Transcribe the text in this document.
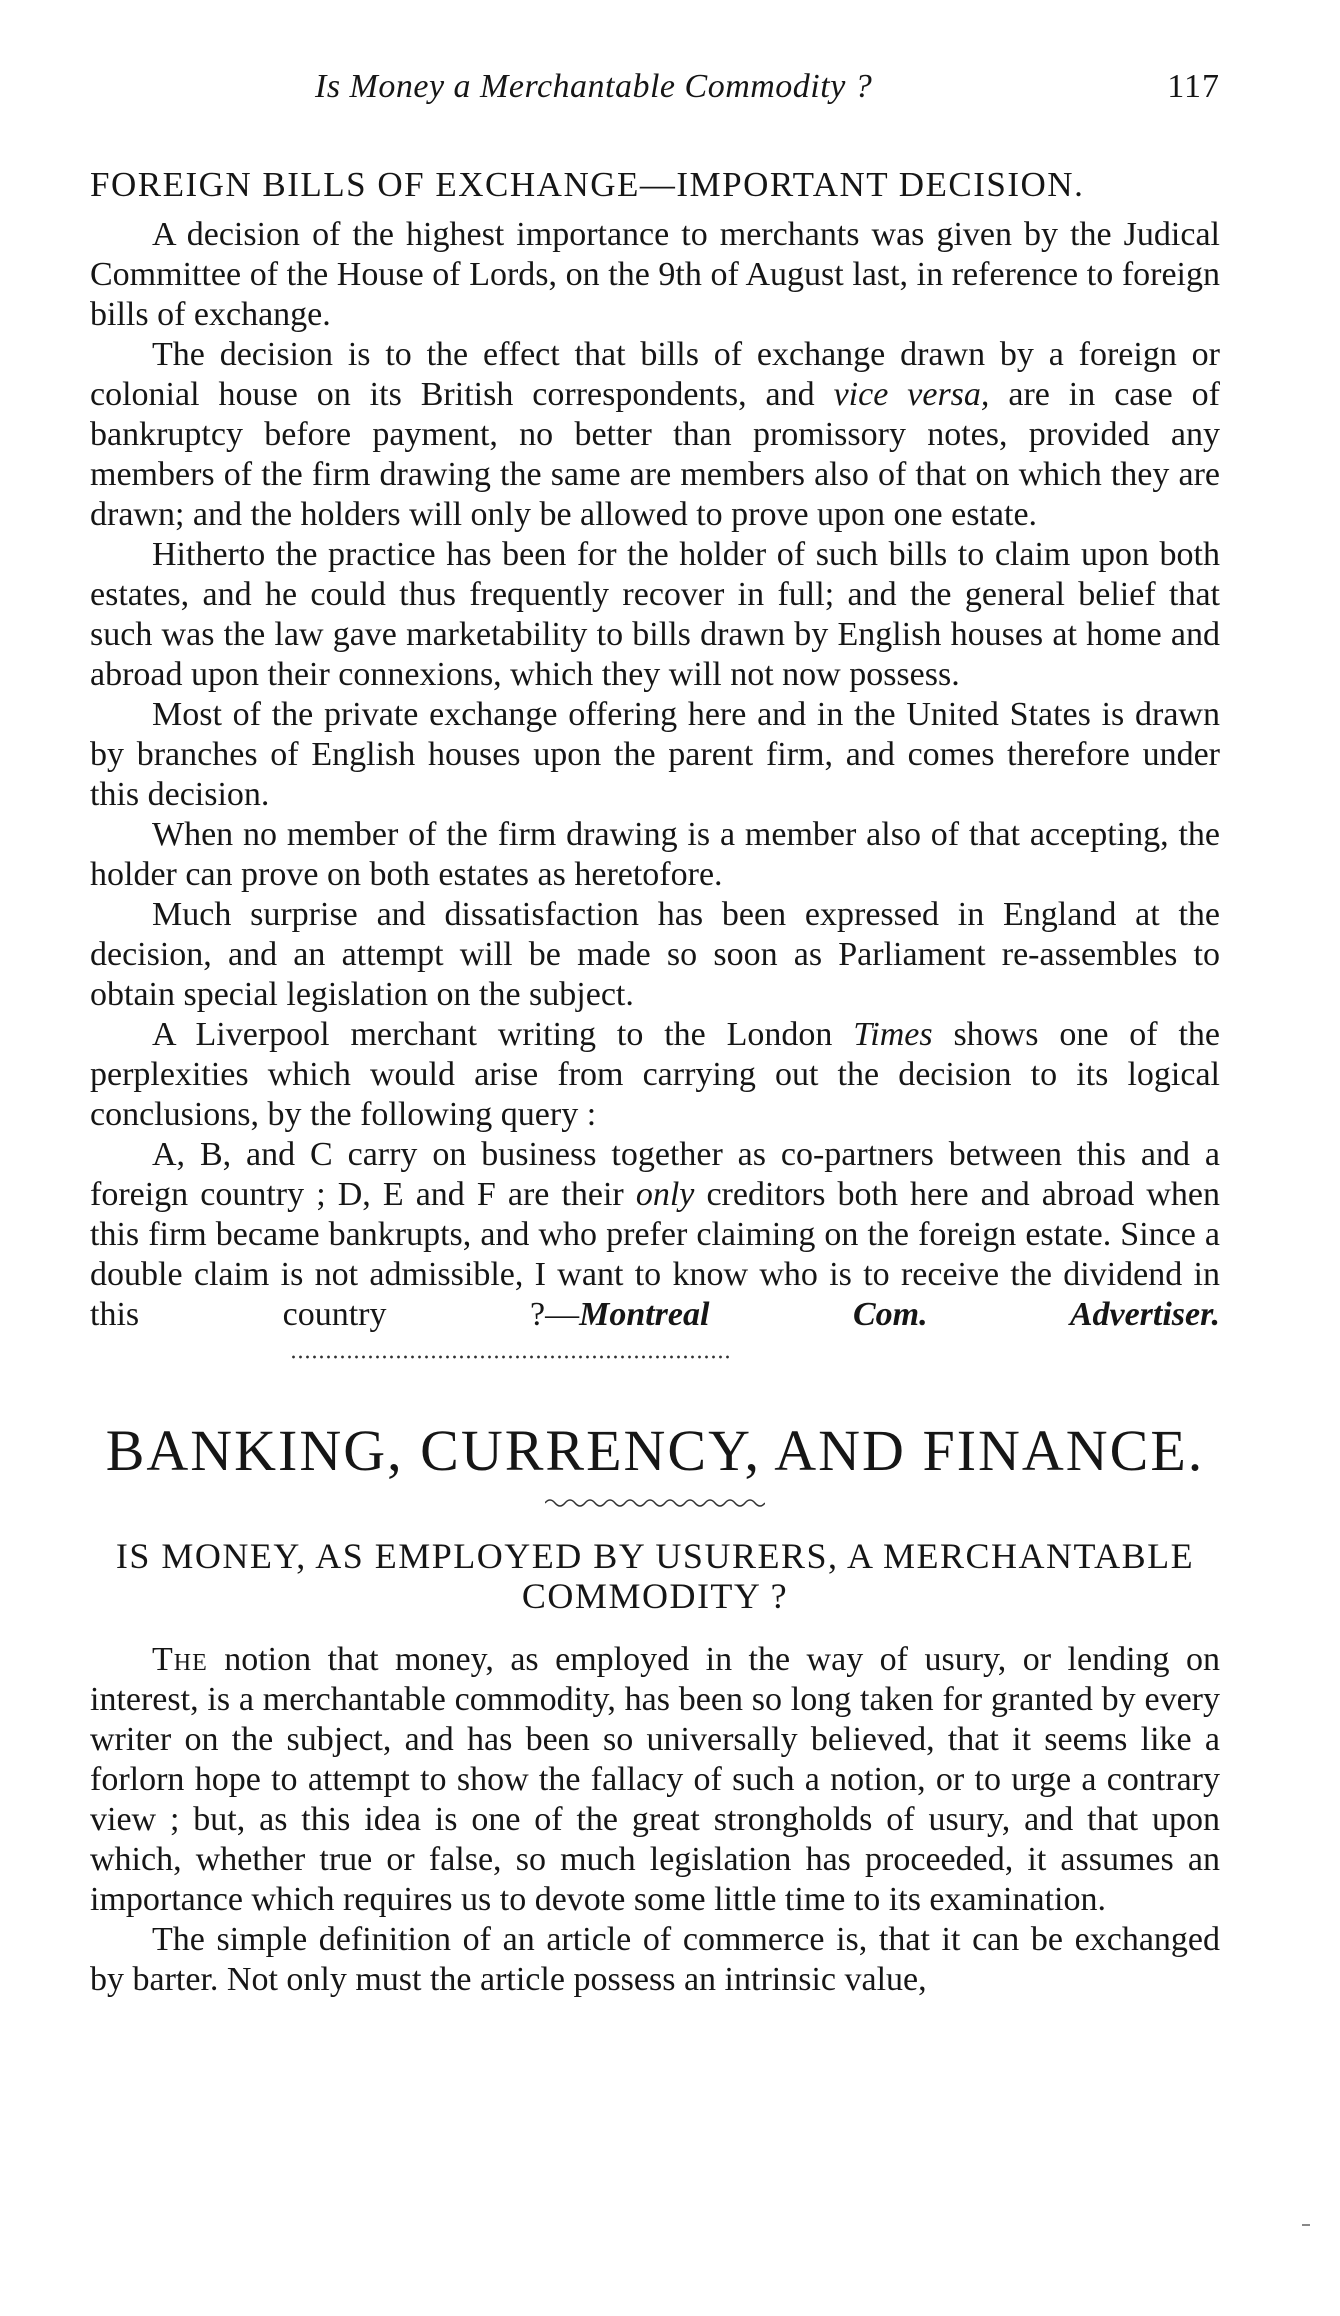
Is Money a Merchantable Commodity ?	117
FOREIGN BILLS OF EXCHANGE—IMPORTANT DECISION.

A decision of the highest importance to merchants was given by the Judical Committee of the House of Lords, on the 9th of August last, in reference to foreign bills of exchange.

The decision is to the effect that bills of exchange drawn by a foreign or colonial house on its British correspondents, and vice versa, are in case of bankruptcy before payment, no better than promissory notes, provided any members of the firm drawing the same are members also of that on which they are drawn; and the holders will only be allowed to prove upon one estate.

Hitherto the practice has been for the holder of such bills to claim upon both estates, and he could thus frequently recover in full; and the general belief that such was the law gave marketability to bills drawn by English houses at home and abroad upon their connexions, which they will not now possess.

Most of the private exchange offering here and in the United States is drawn by branches of English houses upon the parent firm, and comes therefore under this decision.

When no member of the firm drawing is a member also of that accepting, the holder can prove on both estates as heretofore.

Much surprise and dissatisfaction has been expressed in England at the decision, and an attempt will be made so soon as Parliament re-assembles to obtain special legislation on the subject.

A Liverpool merchant writing to the London Times shows one of the perplexities which would arise from carrying out the decision to its logical conclusions, by the following query :

A, B, and C carry on business together as co-partners between this and a foreign country ; D, E and F are their only creditors both here and abroad when this firm became bankrupts, and who prefer claiming on the foreign estate. Since a double claim is not admissible, I want to know who is to receive the dividend in this country ?—Montreal Com. Advertiser.

BANKING, CURRENCY, AND FINANCE.
IS MONEY, AS EMPLOYED BY USURERS, A MERCHANTABLE COMMODITY ?

The notion that money, as employed in the way of usury, or lending on interest, is a merchantable commodity, has been so long taken for granted by every writer on the subject, and has been so universally believed, that it seems like a forlorn hope to attempt to show the fallacy of such a notion, or to urge a contrary view ; but, as this idea is one of the great strongholds of usury, and that upon which, whether true or false, so much legislation has proceeded, it assumes an importance which requires us to devote some little time to its examination.

The simple definition of an article of commerce is, that it can be exchanged by barter. Not only must the article possess an intrinsic value,
